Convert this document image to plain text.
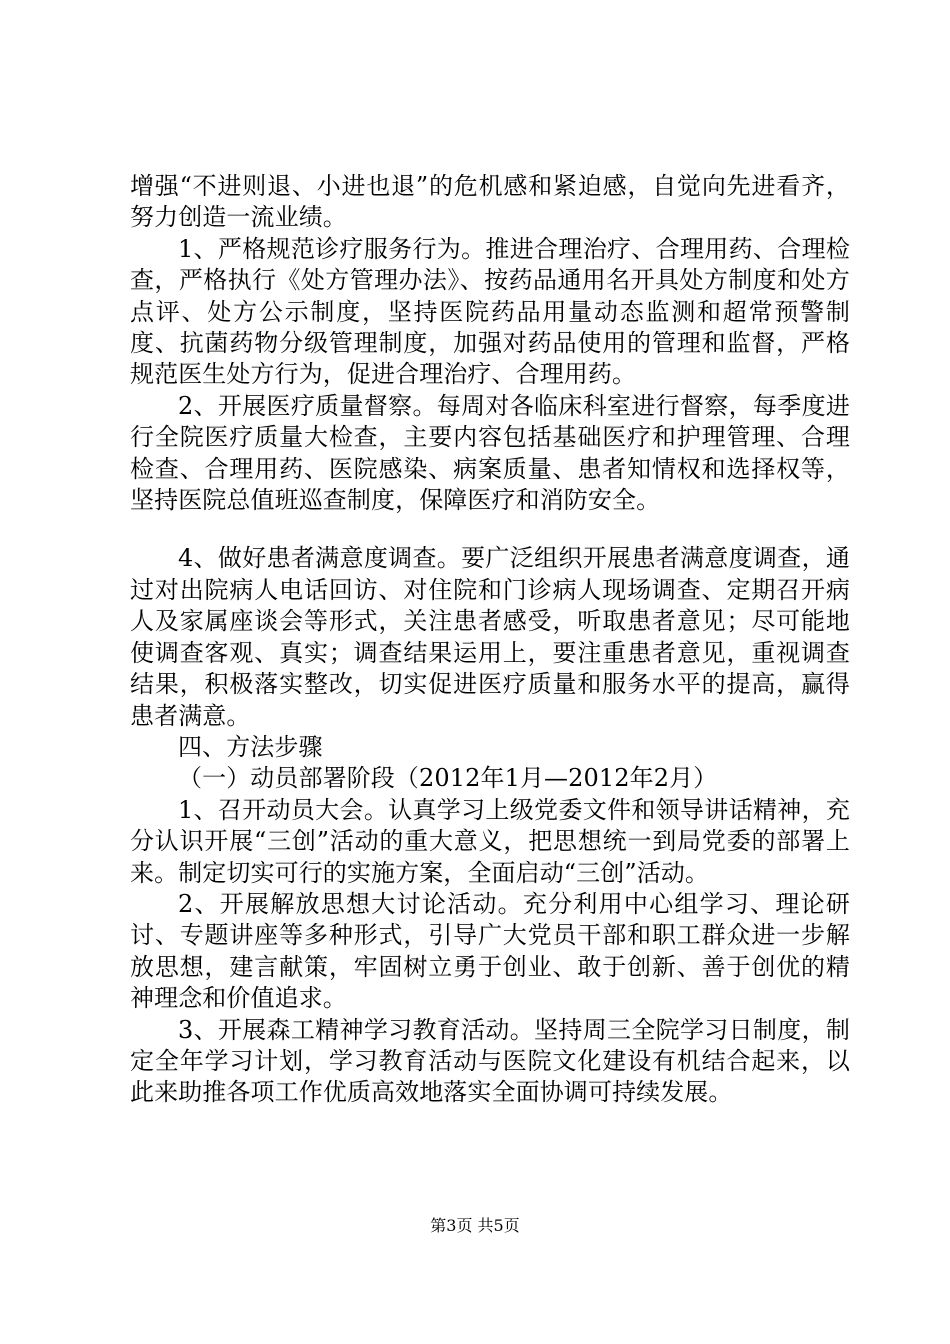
增强“不进则退、小进也退”的危机感和紧迫感，自觉向先进看齐，努力创造一流业绩。

1、严格规范诊疗服务行为。推进合理治疗、合理用药、合理检查，严格执行《处方管理办法》、按药品通用名开具处方制度和处方点评、处方公示制度，坚持医院药品用量动态监测和超常预警制度、抗菌药物分级管理制度，加强对药品使用的管理和监督，严格规范医生处方行为，促进合理治疗、合理用药。

2、开展医疗质量督察。每周对各临床科室进行督察，每季度进行全院医疗质量大检查，主要内容包括基础医疗和护理管理、合理检查、合理用药、医院感染、病案质量、患者知情权和选择权等，坚持医院总值班巡查制度，保障医疗和消防安全。

4、做好患者满意度调查。要广泛组织开展患者满意度调查，通过对出院病人电话回访、对住院和门诊病人现场调查、定期召开病人及家属座谈会等形式，关注患者感受，听取患者意见；尽可能地使调查客观、真实；调查结果运用上，要注重患者意见，重视调查结果，积极落实整改，切实促进医疗质量和服务水平的提高，赢得患者满意。

四、方法步骤

（一）动员部署阶段（2012年1月—2012年2月）

1、召开动员大会。认真学习上级党委文件和领导讲话精神，充分认识开展“三创”活动的重大意义，把思想统一到局党委的部署上来。制定切实可行的实施方案，全面启动“三创”活动。

2、开展解放思想大讨论活动。充分利用中心组学习、理论研讨、专题讲座等多种形式，引导广大党员干部和职工群众进一步解放思想，建言献策，牢固树立勇于创业、敢于创新、善于创优的精神理念和价值追求。

3、开展森工精神学习教育活动。坚持周三全院学习日制度，制定全年学习计划，学习教育活动与医院文化建设有机结合起来，以此来助推各项工作优质高效地落实全面协调可持续发展。

第3页 共5页
